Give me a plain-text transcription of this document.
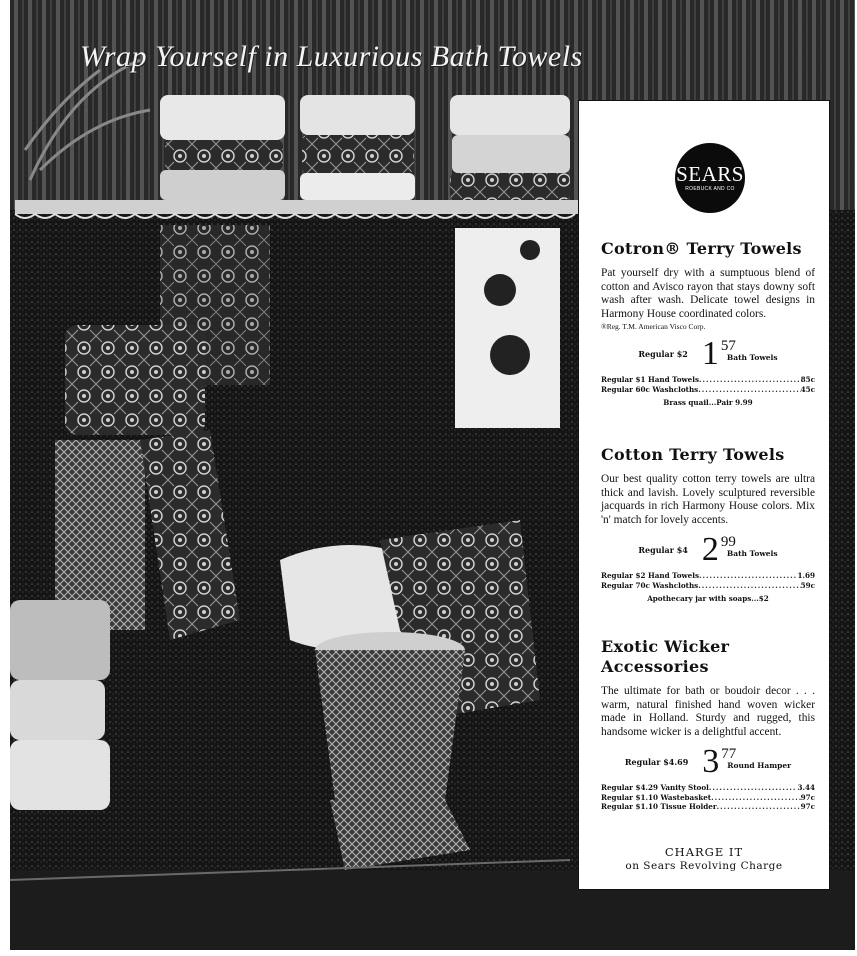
Wrap Yourself in Luxurious Bath Towels
SEARS
ROEBUCK AND CO
Cotron® Terry Towels

Pat yourself dry with a sumptuous blend of cotton and Avisco rayon that stays downy soft wash after wash. Delicate towel designs in Harmony House coordinated colors.

®Reg. T.M. American Visco Corp.
Regular $2 1 57
Bath Towels
Regular $1 Hand Towels .....	85c
Regular 60c Washcloths .....	45c
Brass quail...Pair 9.99
Cotton Terry Towels

Our best quality cotton terry towels are ultra thick and lavish. Lovely sculptured reversible jacquards in rich Harmony House colors. Mix 'n' match for lovely accents.

Regular $4 2 99
Bath Towels
Regular $2 Hand Towels .....	1.69
Regular 70c Washcloths .....	59c
Apothecary jar with soaps...$2
Exotic Wicker Accessories

The ultimate for bath or boudoir decor . . . warm, natural finished hand woven wicker made in Holland. Sturdy and rugged, this handsome wicker is a delightful accent.

Regular $4.69 3 77
Round Hamper
Regular $4.29 Vanity Stool .....	3.44
Regular $1.10 Wastebasket .....	97c
Regular $1.10 Tissue Holder .....	97c
CHARGE IT
on Sears Revolving Charge
